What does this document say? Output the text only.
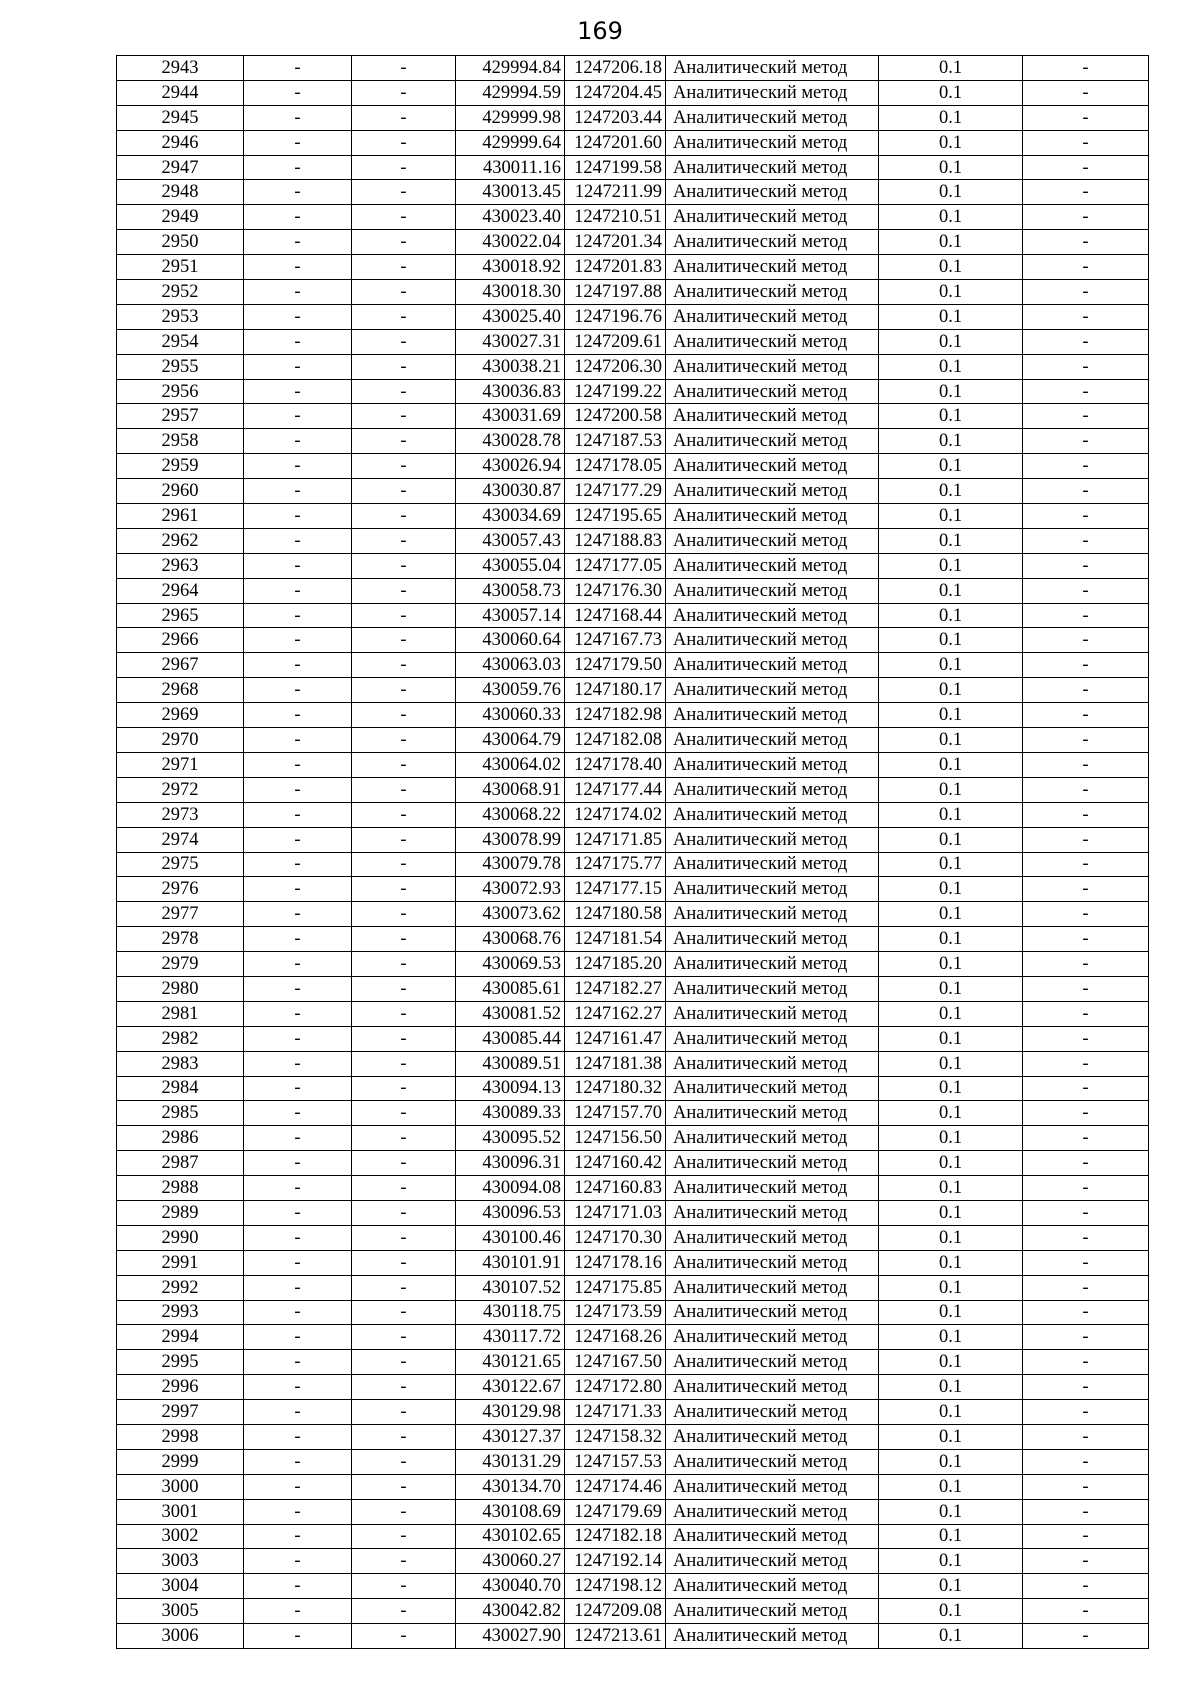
169
2943	-	-	429994.84	1247206.18	Аналитический метод	0.1	-
2944	-	-	429994.59	1247204.45	Аналитический метод	0.1	-
2945	-	-	429999.98	1247203.44	Аналитический метод	0.1	-
2946	-	-	429999.64	1247201.60	Аналитический метод	0.1	-
2947	-	-	430011.16	1247199.58	Аналитический метод	0.1	-
2948	-	-	430013.45	1247211.99	Аналитический метод	0.1	-
2949	-	-	430023.40	1247210.51	Аналитический метод	0.1	-
2950	-	-	430022.04	1247201.34	Аналитический метод	0.1	-
2951	-	-	430018.92	1247201.83	Аналитический метод	0.1	-
2952	-	-	430018.30	1247197.88	Аналитический метод	0.1	-
2953	-	-	430025.40	1247196.76	Аналитический метод	0.1	-
2954	-	-	430027.31	1247209.61	Аналитический метод	0.1	-
2955	-	-	430038.21	1247206.30	Аналитический метод	0.1	-
2956	-	-	430036.83	1247199.22	Аналитический метод	0.1	-
2957	-	-	430031.69	1247200.58	Аналитический метод	0.1	-
2958	-	-	430028.78	1247187.53	Аналитический метод	0.1	-
2959	-	-	430026.94	1247178.05	Аналитический метод	0.1	-
2960	-	-	430030.87	1247177.29	Аналитический метод	0.1	-
2961	-	-	430034.69	1247195.65	Аналитический метод	0.1	-
2962	-	-	430057.43	1247188.83	Аналитический метод	0.1	-
2963	-	-	430055.04	1247177.05	Аналитический метод	0.1	-
2964	-	-	430058.73	1247176.30	Аналитический метод	0.1	-
2965	-	-	430057.14	1247168.44	Аналитический метод	0.1	-
2966	-	-	430060.64	1247167.73	Аналитический метод	0.1	-
2967	-	-	430063.03	1247179.50	Аналитический метод	0.1	-
2968	-	-	430059.76	1247180.17	Аналитический метод	0.1	-
2969	-	-	430060.33	1247182.98	Аналитический метод	0.1	-
2970	-	-	430064.79	1247182.08	Аналитический метод	0.1	-
2971	-	-	430064.02	1247178.40	Аналитический метод	0.1	-
2972	-	-	430068.91	1247177.44	Аналитический метод	0.1	-
2973	-	-	430068.22	1247174.02	Аналитический метод	0.1	-
2974	-	-	430078.99	1247171.85	Аналитический метод	0.1	-
2975	-	-	430079.78	1247175.77	Аналитический метод	0.1	-
2976	-	-	430072.93	1247177.15	Аналитический метод	0.1	-
2977	-	-	430073.62	1247180.58	Аналитический метод	0.1	-
2978	-	-	430068.76	1247181.54	Аналитический метод	0.1	-
2979	-	-	430069.53	1247185.20	Аналитический метод	0.1	-
2980	-	-	430085.61	1247182.27	Аналитический метод	0.1	-
2981	-	-	430081.52	1247162.27	Аналитический метод	0.1	-
2982	-	-	430085.44	1247161.47	Аналитический метод	0.1	-
2983	-	-	430089.51	1247181.38	Аналитический метод	0.1	-
2984	-	-	430094.13	1247180.32	Аналитический метод	0.1	-
2985	-	-	430089.33	1247157.70	Аналитический метод	0.1	-
2986	-	-	430095.52	1247156.50	Аналитический метод	0.1	-
2987	-	-	430096.31	1247160.42	Аналитический метод	0.1	-
2988	-	-	430094.08	1247160.83	Аналитический метод	0.1	-
2989	-	-	430096.53	1247171.03	Аналитический метод	0.1	-
2990	-	-	430100.46	1247170.30	Аналитический метод	0.1	-
2991	-	-	430101.91	1247178.16	Аналитический метод	0.1	-
2992	-	-	430107.52	1247175.85	Аналитический метод	0.1	-
2993	-	-	430118.75	1247173.59	Аналитический метод	0.1	-
2994	-	-	430117.72	1247168.26	Аналитический метод	0.1	-
2995	-	-	430121.65	1247167.50	Аналитический метод	0.1	-
2996	-	-	430122.67	1247172.80	Аналитический метод	0.1	-
2997	-	-	430129.98	1247171.33	Аналитический метод	0.1	-
2998	-	-	430127.37	1247158.32	Аналитический метод	0.1	-
2999	-	-	430131.29	1247157.53	Аналитический метод	0.1	-
3000	-	-	430134.70	1247174.46	Аналитический метод	0.1	-
3001	-	-	430108.69	1247179.69	Аналитический метод	0.1	-
3002	-	-	430102.65	1247182.18	Аналитический метод	0.1	-
3003	-	-	430060.27	1247192.14	Аналитический метод	0.1	-
3004	-	-	430040.70	1247198.12	Аналитический метод	0.1	-
3005	-	-	430042.82	1247209.08	Аналитический метод	0.1	-
3006	-	-	430027.90	1247213.61	Аналитический метод	0.1	-
